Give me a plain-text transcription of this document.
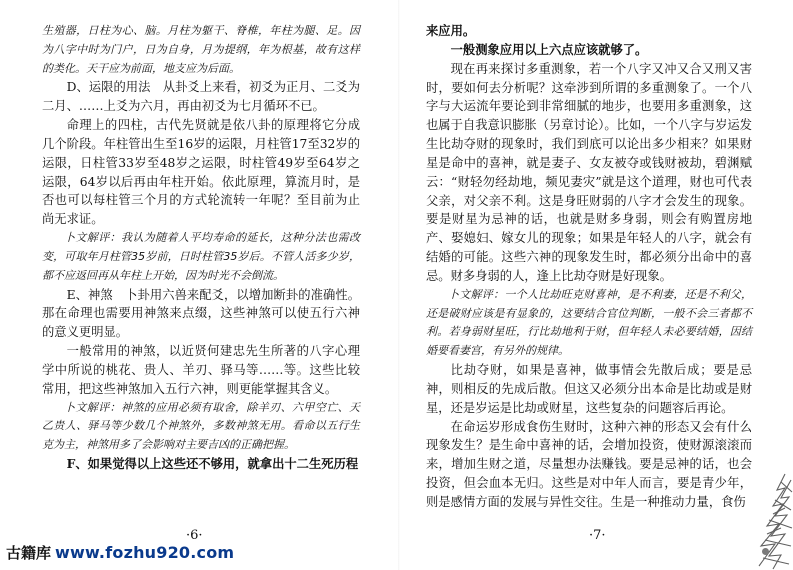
生殖器，日柱为心、脑。月柱为躯干、脊椎，年柱为腿、足。因为八字中时为门户，日为自身，月为提纲，年为根基，故有这样的类化。天干应为前面，地支应为后面。

D、运限的用法　从卦爻上来看，初爻为正月、二爻为二月、……上爻为六月，再由初爻为七月循环不已。

命理上的四柱，古代先贤就是依八卦的原理将它分成几个阶段。年柱管出生至16岁的运限，月柱管17至32岁的运限，日柱管33岁至48岁之运限，时柱管49岁至64岁之运限，64岁以后再由年柱开始。依此原理，算流月时，是否也可以每柱管三个月的方式轮流转一年呢？至目前为止尚无求证。

卜文解评：我认为随着人平均寿命的延长，这种分法也需改变，可取年月柱管35岁前，日时柱管35岁后。不管人活多少岁，都不应返回再从年柱上开始，因为时光不会倒流。

E、神煞　卜卦用六兽来配爻，以增加断卦的准确性。那在命理也需要用神煞来点缀，这些神煞可以使五行六神的意义更明显。

一般常用的神煞，以近贤何建忠先生所著的八字心理学中所说的桃花、贵人、羊刃、驿马等……等。这些比较常用，把这些神煞加入五行六神，则更能掌握其含义。

卜文解评：神煞的应用必须有取舍，除羊刃、六甲空亡、天乙贵人、驿马等少数几个神煞外，多数神煞无用。看命以五行生克为主，神煞用多了会影响对主要吉凶的正确把握。

F、如果觉得以上这些还不够用，就拿出十二生死历程

·6·

来应用。

一般测象应用以上六点应该就够了。

现在再来探讨多重测象，若一个八字又冲又合又刑又害时，要如何去分析呢？这牵涉到所谓的多重测象了。一个八字与大运流年要论到非常细腻的地步，也要用多重测象，这也属于自我意识膨胀（另章讨论）。比如，一个八字与岁运发生比劫夺财的现象时，我们到底可以论出多少相来？如果财星是命中的喜神，就是妻子、女友被夺或钱财被劫，碧渊赋云：“财轻勿经劫地，频见妻灾”就是这个道理，财也可代表父亲，对父亲不利。这是身旺财弱的八字才会发生的现象。要是财星为忌神的话，也就是财多身弱，则会有购置房地产、娶媳妇、嫁女儿的现象；如果是年轻人的八字，就会有结婚的可能。这些六神的现象发生时，都必须分出命中的喜忌。财多身弱的人，逢上比劫夺财是好现象。

卜文解评：一个人比劫旺克财喜神，是不利妻，还是不利父，还是破财应该是有显象的，这要结合官位判断，一般不会三者都不利。若身弱财星旺，行比劫地利于财，但年轻人未必要结婚，因结婚要看妻宫，有另外的规律。

比劫夺财，如果是喜神，做事情会先散后成；要是忌神，则相反的先成后散。但这又必须分出本命是比劫或是财星，还是岁运是比劫或财星，这些复杂的问题容后再论。

在命运岁形成食伤生财时，这种六神的形态又会有什么现象发生？是生命中喜神的话，会增加投资，使财源滚滚而来，增加生财之道，尽量想办法赚钱。要是忌神的话，也会投资，但会血本无归。这些是对中年人而言，要是青少年，则是感情方面的发展与异性交往。生是一种推动力量，食伤

·7·
古籍库 www.fozhu920.com
